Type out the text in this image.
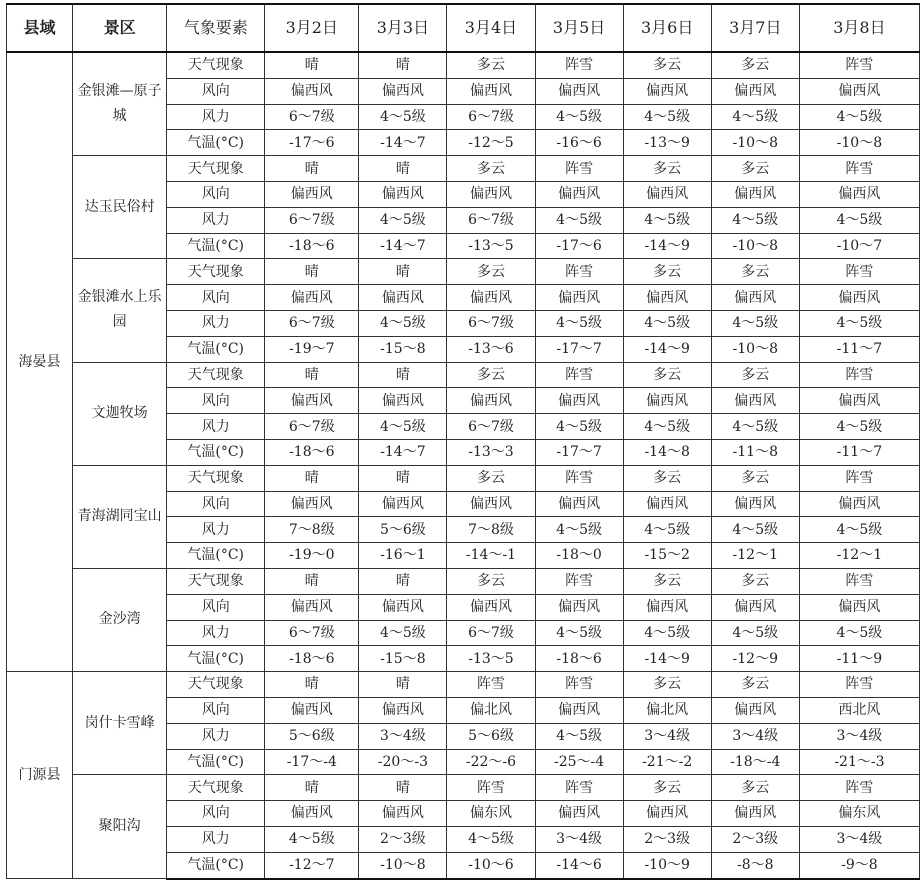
县域	景区	气象要素	3月2日	3月3日	3月4日	3月5日	3月6日	3月7日	3月8日
海晏县	金银滩—原子城	天气现象	晴	晴	多云	阵雪	多云	多云	阵雪
		风向	偏西风	偏西风	偏西风	偏西风	偏西风	偏西风	偏西风
		风力	6～7级	4～5级	6～7级	4～5级	4～5级	4～5级	4～5级
		气温(°C)	-17～6	-14～7	-12～5	-16～6	-13～9	-10～8	-10～8
	达玉民俗村	天气现象	晴	晴	多云	阵雪	多云	多云	阵雪
		风向	偏西风	偏西风	偏西风	偏西风	偏西风	偏西风	偏西风
		风力	6～7级	4～5级	6～7级	4～5级	4～5级	4～5级	4～5级
		气温(°C)	-18～6	-14～7	-13～5	-17～6	-14～9	-10～8	-10～7
	金银滩水上乐园	天气现象	晴	晴	多云	阵雪	多云	多云	阵雪
		风向	偏西风	偏西风	偏西风	偏西风	偏西风	偏西风	偏西风
		风力	6～7级	4～5级	6～7级	4～5级	4～5级	4～5级	4～5级
		气温(°C)	-19～7	-15～8	-13～6	-17～7	-14～9	-10～8	-11～7
	文迦牧场	天气现象	晴	晴	多云	阵雪	多云	多云	阵雪
		风向	偏西风	偏西风	偏西风	偏西风	偏西风	偏西风	偏西风
		风力	6～7级	4～5级	6～7级	4～5级	4～5级	4～5级	4～5级
		气温(°C)	-18～6	-14～7	-13～3	-17～7	-14～8	-11～8	-11～7
	青海湖同宝山	天气现象	晴	晴	多云	阵雪	多云	多云	阵雪
		风向	偏西风	偏西风	偏西风	偏西风	偏西风	偏西风	偏西风
		风力	7～8级	5～6级	7～8级	4～5级	4～5级	4～5级	4～5级
		气温(°C)	-19～0	-16～1	-14～-1	-18～0	-15～2	-12～1	-12～1
	金沙湾	天气现象	晴	晴	多云	阵雪	多云	多云	阵雪
		风向	偏西风	偏西风	偏西风	偏西风	偏西风	偏西风	偏西风
		风力	6～7级	4～5级	6～7级	4～5级	4～5级	4～5级	4～5级
		气温(°C)	-18～6	-15～8	-13～5	-18～6	-14～9	-12～9	-11～9
门源县	岗什卡雪峰	天气现象	晴	晴	阵雪	阵雪	多云	多云	阵雪
		风向	偏西风	偏西风	偏北风	偏西风	偏北风	偏西风	西北风
		风力	5～6级	3～4级	5～6级	4～5级	3～4级	3～4级	3～4级
		气温(°C)	-17～-4	-20～-3	-22～-6	-25～-4	-21～-2	-18～-4	-21～-3
	聚阳沟	天气现象	晴	晴	阵雪	阵雪	多云	多云	阵雪
		风向	偏西风	偏西风	偏东风	偏西风	偏西风	偏西风	偏东风
		风力	4～5级	2～3级	4～5级	3～4级	2～3级	2～3级	3～4级
		气温(°C)	-12～7	-10～8	-10～6	-14～6	-10～9	-8～8	-9～8
